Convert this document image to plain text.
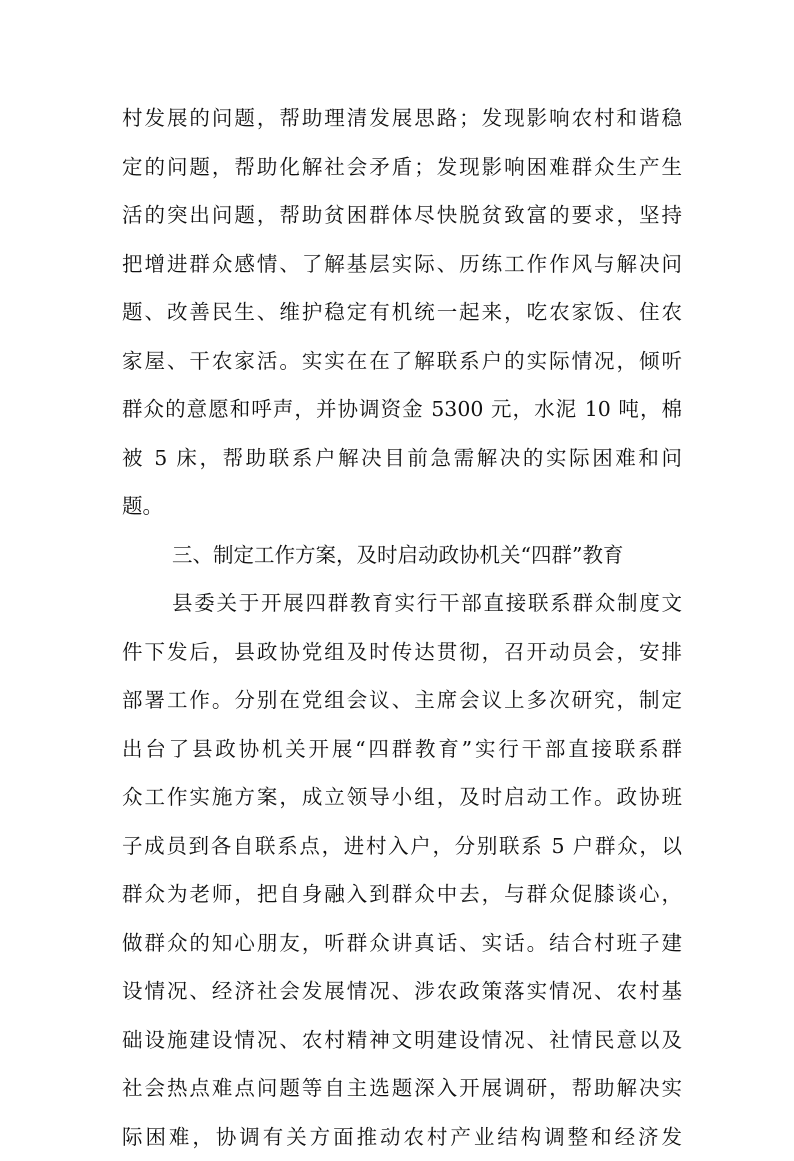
村发展的问题，帮助理清发展思路；发现影响农村和谐稳
定的问题，帮助化解社会矛盾；发现影响困难群众生产生
活的突出问题，帮助贫困群体尽快脱贫致富的要求，坚持
把增进群众感情、了解基层实际、历练工作作风与解决问
题、改善民生、维护稳定有机统一起来，吃农家饭、住农
家屋、干农家活。实实在在了解联系户的实际情况，倾听
群众的意愿和呼声，并协调资金 5300 元，水泥 10 吨，棉
被 5 床，帮助联系户解决目前急需解决的实际困难和问
题。
三、制定工作方案，及时启动政协机关“四群”教育
县委关于开展四群教育实行干部直接联系群众制度文
件下发后，县政协党组及时传达贯彻，召开动员会，安排
部署工作。分别在党组会议、主席会议上多次研究，制定
出台了县政协机关开展“四群教育”实行干部直接联系群
众工作实施方案，成立领导小组，及时启动工作。政协班
子成员到各自联系点，进村入户，分别联系 5 户群众，以
群众为老师，把自身融入到群众中去，与群众促膝谈心，
做群众的知心朋友，听群众讲真话、实话。结合村班子建
设情况、经济社会发展情况、涉农政策落实情况、农村基
础设施建设情况、农村精神文明建设情况、社情民意以及
社会热点难点问题等自主选题深入开展调研，帮助解决实
际困难，协调有关方面推动农村产业结构调整和经济发
